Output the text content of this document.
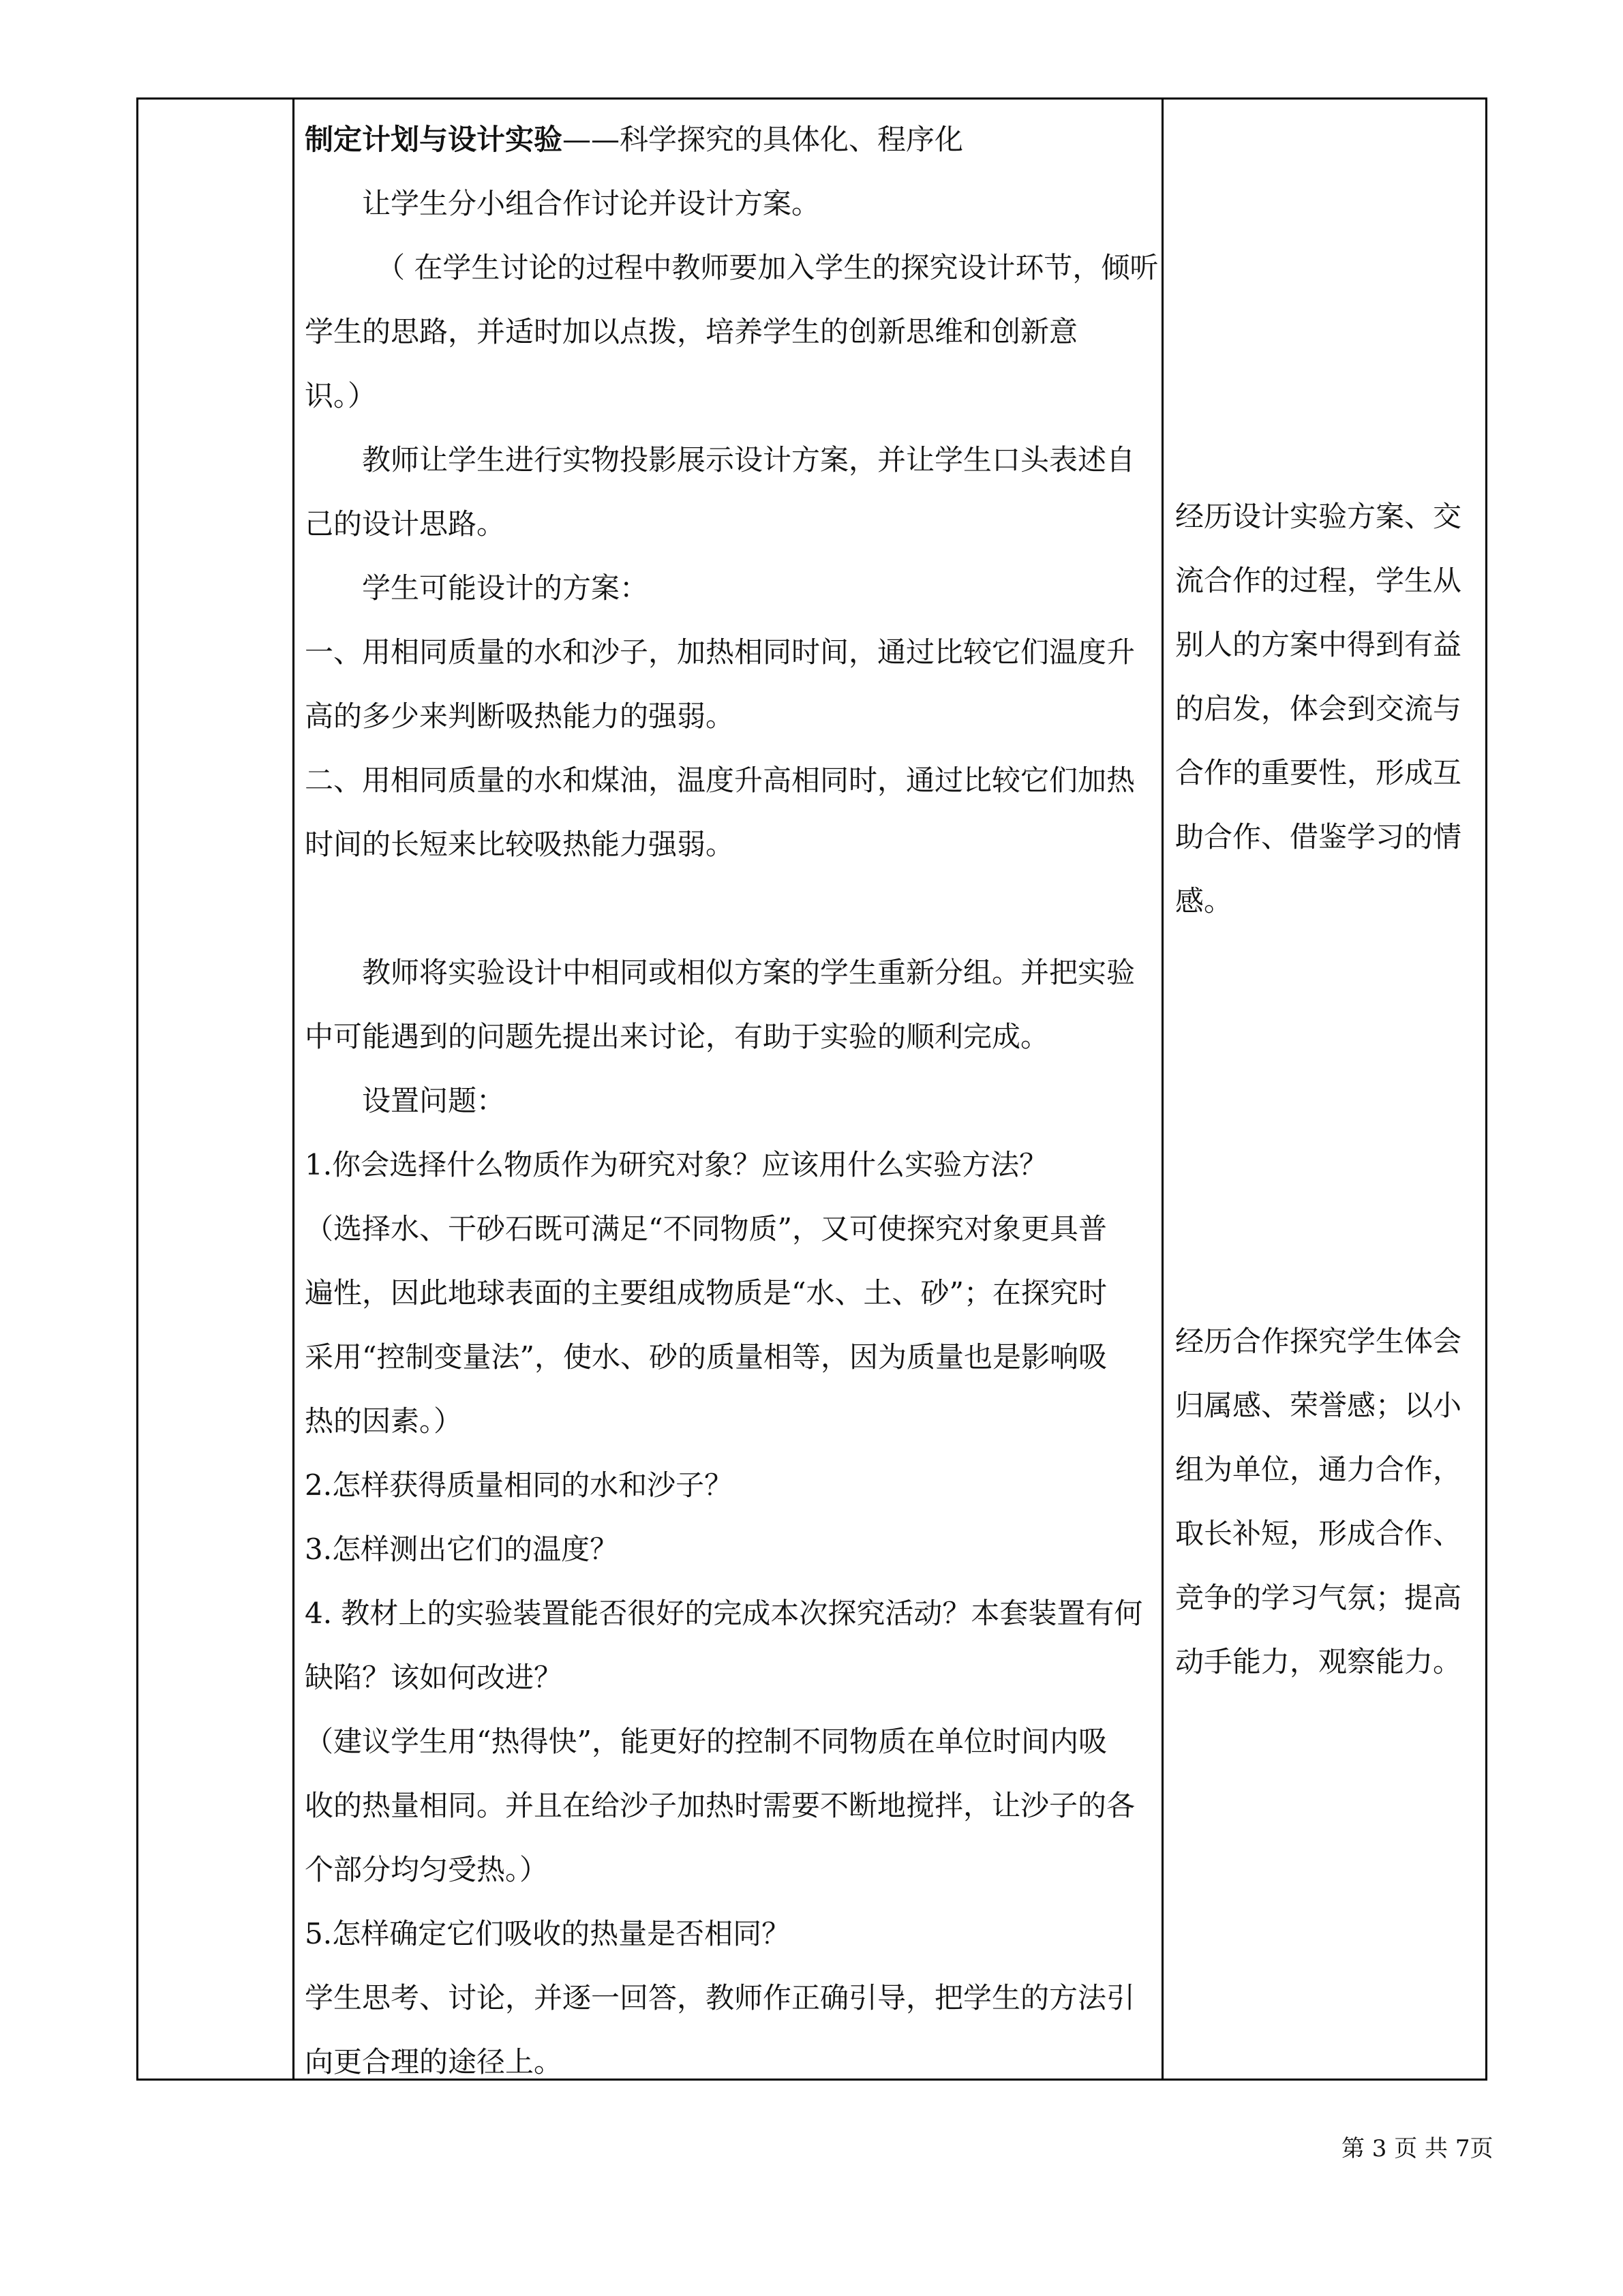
制定计划与设计实验——科学探究的具体化、程序化
让学生分小组合作讨论并设计方案。
（ 在学生讨论的过程中教师要加入学生的探究设计环节，倾听
学生的思路，并适时加以点拨，培养学生的创新思维和创新意
识。）
教师让学生进行实物投影展示设计方案，并让学生口头表述自
己的设计思路。
学生可能设计的方案：
一、用相同质量的水和沙子，加热相同时间，通过比较它们温度升
高的多少来判断吸热能力的强弱。
二、用相同质量的水和煤油，温度升高相同时，通过比较它们加热
时间的长短来比较吸热能力强弱。
教师将实验设计中相同或相似方案的学生重新分组。并把实验
中可能遇到的问题先提出来讨论，有助于实验的顺利完成。
设置问题：
1.你会选择什么物质作为研究对象？应该用什么实验方法？
（选择水、干砂石既可满足“不同物质”，又可使探究对象更具普
遍性，因此地球表面的主要组成物质是“水、土、砂”；在探究时
采用“控制变量法”，使水、砂的质量相等，因为质量也是影响吸
热的因素。）
2.怎样获得质量相同的水和沙子？
3.怎样测出它们的温度？
4. 教材上的实验装置能否很好的完成本次探究活动？本套装置有何
缺陷？该如何改进？
（建议学生用“热得快”，能更好的控制不同物质在单位时间内吸
收的热量相同。并且在给沙子加热时需要不断地搅拌，让沙子的各
个部分均匀受热。）
5.怎样确定它们吸收的热量是否相同？
学生思考、讨论，并逐一回答，教师作正确引导，把学生的方法引
向更合理的途径上。
经历设计实验方案、交
流合作的过程，学生从
别人的方案中得到有益
的启发，体会到交流与
合作的重要性，形成互
助合作、借鉴学习的情
感。
经历合作探究学生体会
归属感、荣誉感；以小
组为单位，通力合作，
取长补短，形成合作、
竞争的学习气氛；提高
动手能力，观察能力。
第 3 页 共 7页
